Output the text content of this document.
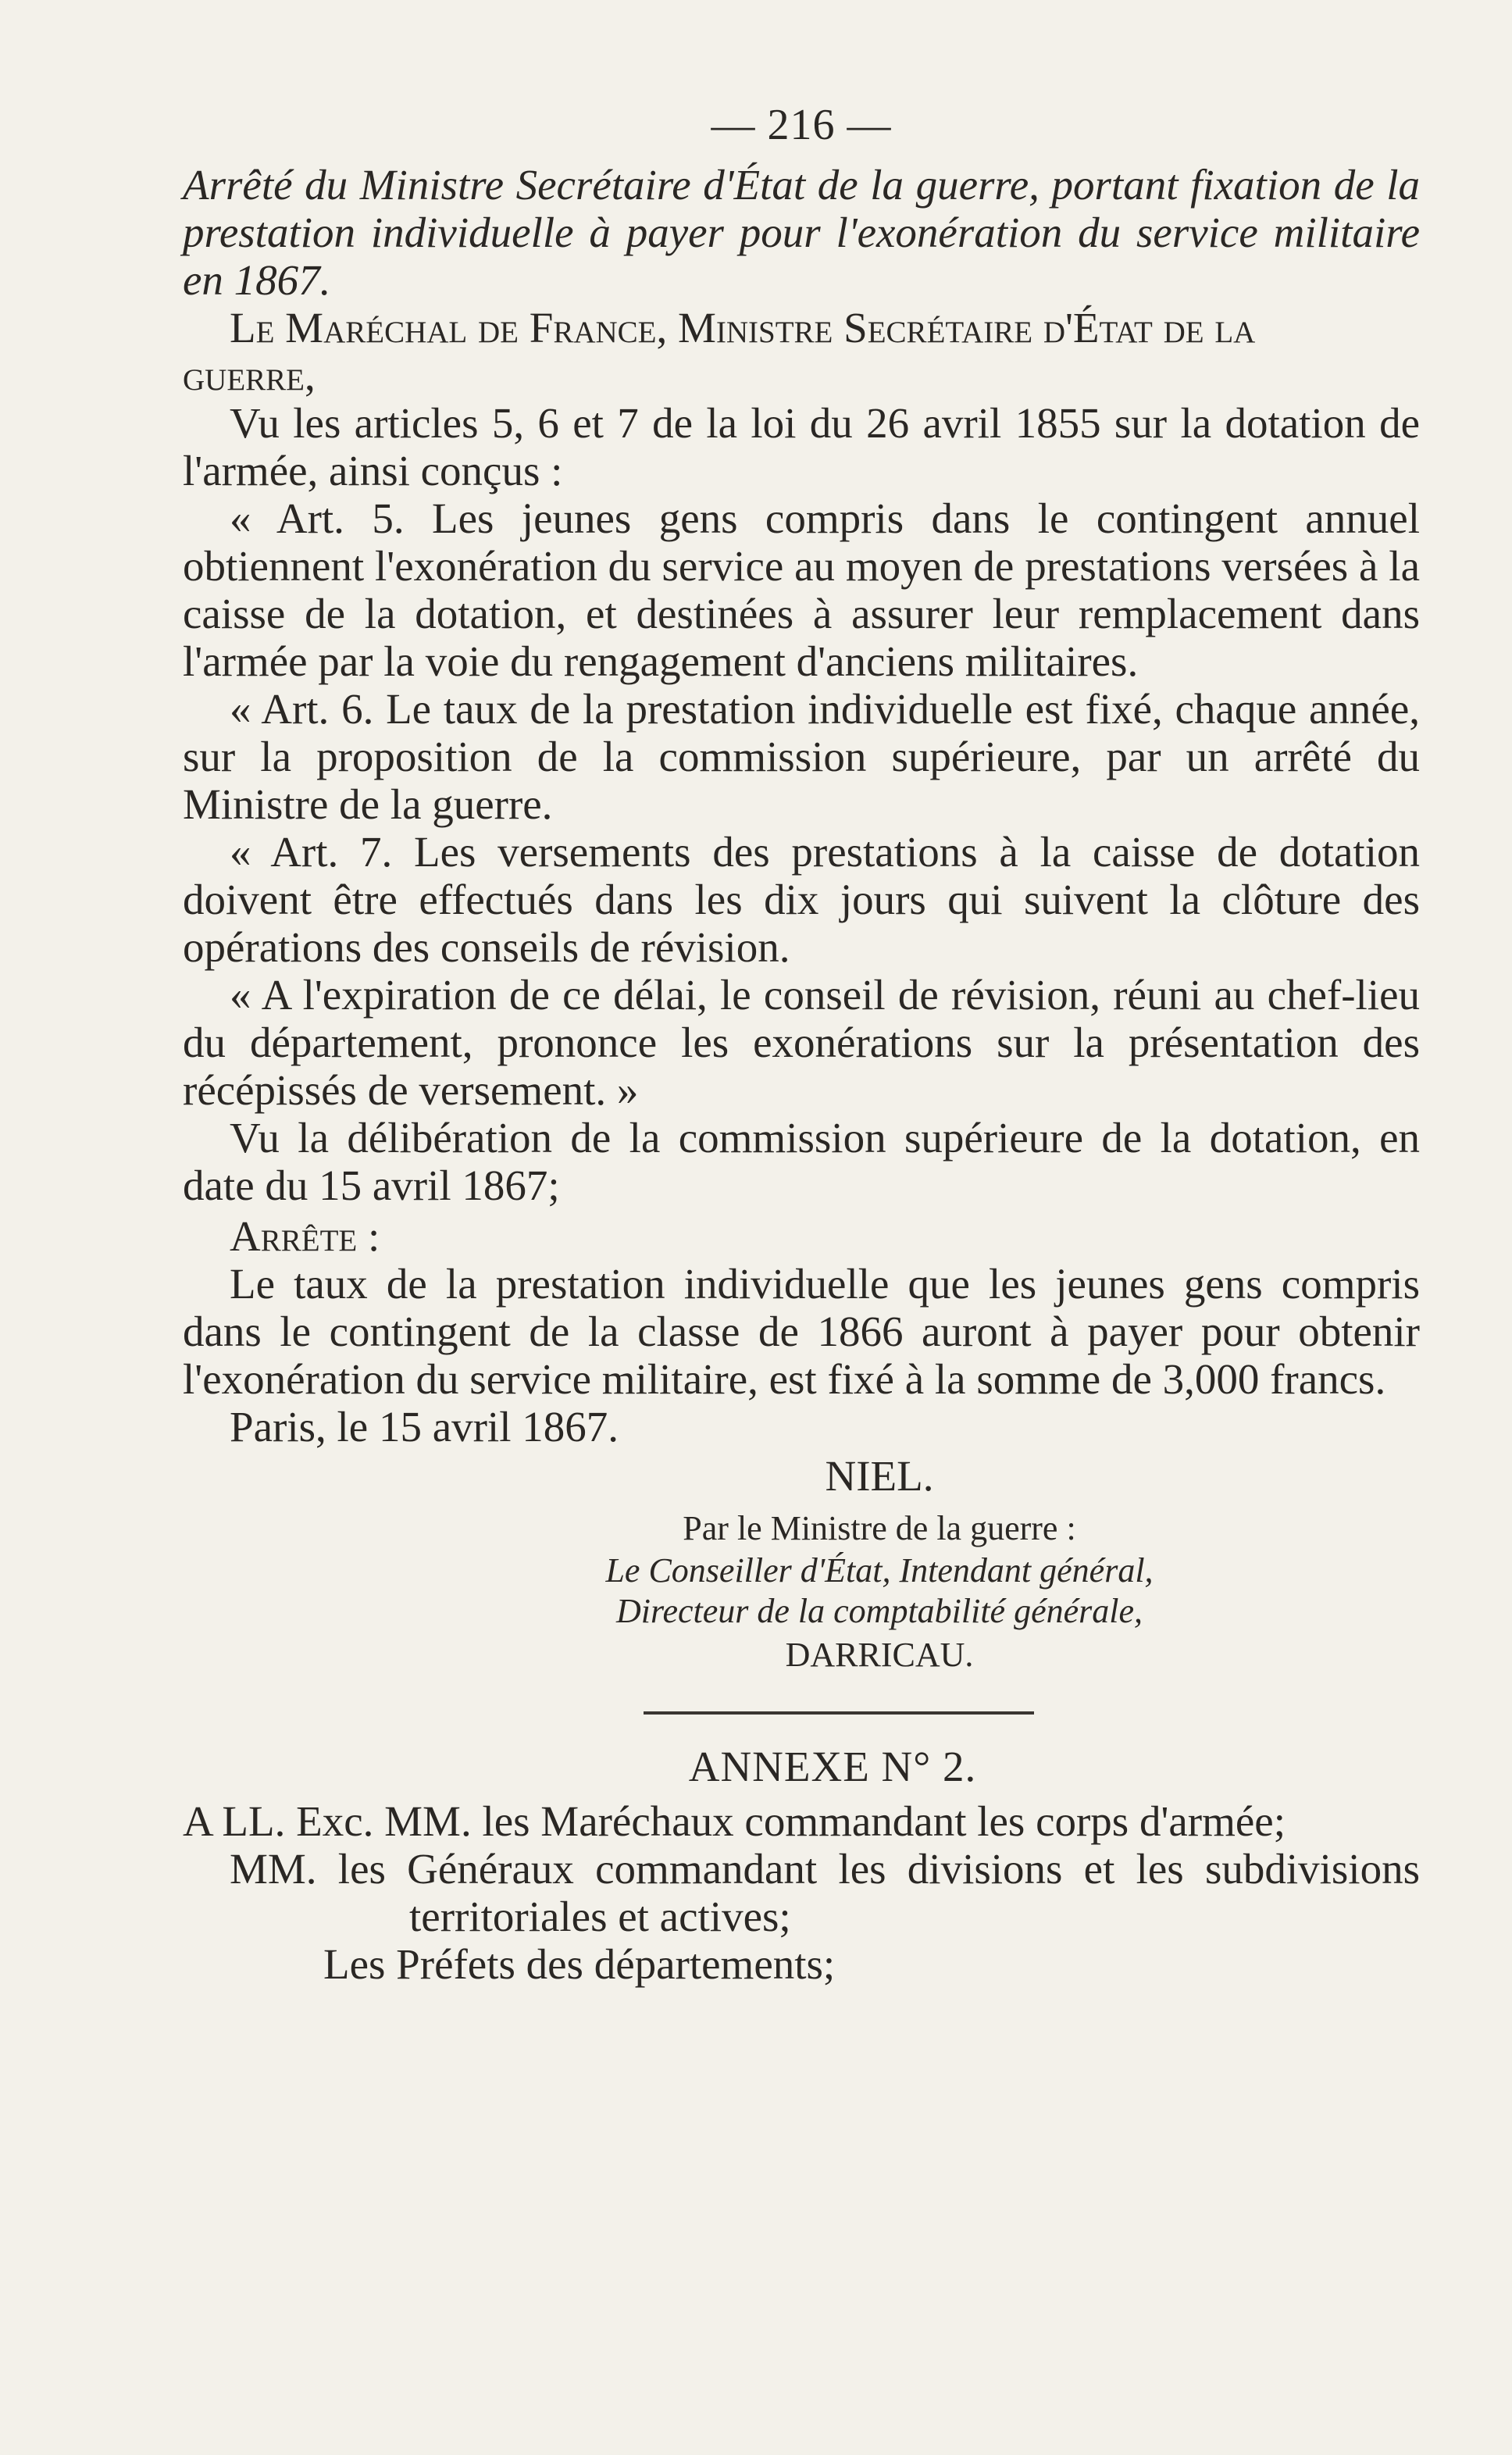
— 216 —

Arrêté du Ministre Secrétaire d'État de la guerre, portant fixation de la prestation individuelle à payer pour l'exonération du service militaire en 1867.

Le Maréchal de France, Ministre Secrétaire d'État de la

guerre,

Vu les articles 5, 6 et 7 de la loi du 26 avril 1855 sur la dotation de l'armée, ainsi conçus :

« Art. 5. Les jeunes gens compris dans le contingent annuel obtiennent l'exonération du service au moyen de prestations versées à la caisse de la dotation, et destinées à assurer leur remplacement dans l'armée par la voie du rengagement d'anciens militaires.

« Art. 6. Le taux de la prestation individuelle est fixé, chaque année, sur la proposition de la commission supérieure, par un arrêté du Ministre de la guerre.

« Art. 7. Les versements des prestations à la caisse de dotation doivent être effectués dans les dix jours qui suivent la clôture des opérations des conseils de révision.

« A l'expiration de ce délai, le conseil de révision, réuni au chef-lieu du département, prononce les exonérations sur la présentation des récépissés de versement. »

Vu la délibération de la commission supérieure de la dotation, en date du 15 avril 1867;

Arrête :

Le taux de la prestation individuelle que les jeunes gens compris dans le contingent de la classe de 1866 auront à payer pour obtenir l'exonération du service militaire, est fixé à la somme de 3,000 francs.

Paris, le 15 avril 1867.

NIEL.

Par le Ministre de la guerre :

Le Conseiller d'État, Intendant général,

Directeur de la comptabilité générale,

DARRICAU.

ANNEXE N° 2.

A LL. Exc. MM. les Maréchaux commandant les corps d'armée;

MM. les Généraux commandant les divisions et les subdivisions territoriales et actives;

Les Préfets des départements;
